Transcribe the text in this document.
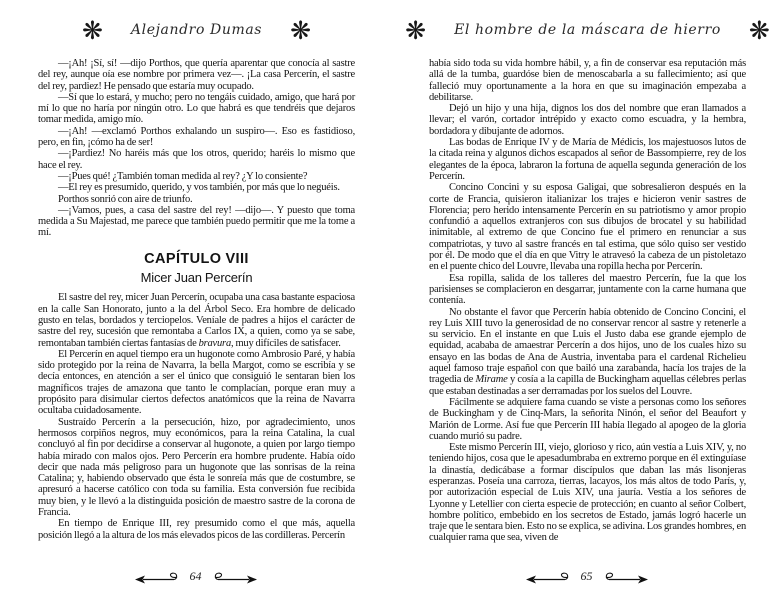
❋ Alejandro Dumas ❋

—¡Ah! ¡Sí, sí! —dijo Porthos, que quería aparentar que conocía al sastre del rey, aunque oía ese nombre por primera vez—. ¡La casa Percerín, el sastre del rey, pardiez! He pensado que estaría muy ocupado.

—Sí que lo estará, y mucho; pero no tengáis cuidado, amigo, que hará por mí lo que no haría por ningún otro. Lo que habrá es que tendréis que dejaros tomar medida, amigo mío.

—¡Ah! —exclamó Porthos exhalando un suspiro—. Eso es fastidioso, pero, en fin, ¡cómo ha de ser!

—¡Pardiez! No haréis más que los otros, querido; haréis lo mismo que hace el rey.

—¡Pues qué! ¿También toman medida al rey? ¿Y lo consiente?

—El rey es presumido, querido, y vos también, por más que lo neguéis.

Porthos sonrió con aire de triunfo.

—¡Vamos, pues, a casa del sastre del rey! —dijo—. Y puesto que toma medida a Su Majestad, me parece que también puedo permitir que me la tome a mí.

CAPÍTULO VIII
Micer Juan Percerín

El sastre del rey, micer Juan Percerín, ocupaba una casa bastante espaciosa en la calle San Honorato, junto a la del Árbol Seco. Era hombre de delicado gusto en telas, bordados y terciopelos. Veníale de padres a hijos el carácter de sastre del rey, sucesión que remontaba a Carlos IX, a quien, como ya se sabe, remontaban también ciertas fantasías de bravura, muy difíciles de satisfacer.

El Percerín en aquel tiempo era un hugonote como Ambrosio Paré, y había sido protegido por la reina de Navarra, la bella Margot, como se escribía y se decía entonces, en atención a ser el único que consiguió le sentaran bien los magníficos trajes de amazona que tanto le complacían, porque eran muy a propósito para disimular ciertos defectos anatómicos que la reina de Navarra ocultaba cuidadosamente.

Sustraído Percerín a la persecución, hizo, por agradecimiento, unos hermosos corpiños negros, muy económicos, para la reina Catalina, la cual concluyó al fin por decidirse a conservar al hugonote, a quien por largo tiempo había mirado con malos ojos. Pero Percerín era hombre prudente. Había oído decir que nada más peligroso para un hugonote que las sonrisas de la reina Catalina; y, habiendo observado que ésta le sonreía más que de costumbre, se apresuró a hacerse católico con toda su familia. Esta conversión fue recibida muy bien, y le llevó a la distinguida posición de maestro sastre de la corona de Francia.

En tiempo de Enrique III, rey presumido como el que más, aquella posición llegó a la altura de los más elevados picos de las cordilleras. Percerín

64
❋ El hombre de la máscara de hierro ❋

había sido toda su vida hombre hábil, y, a fin de conservar esa reputación más allá de la tumba, guardóse bien de menoscabarla a su fallecimiento; así que falleció muy oportunamente a la hora en que su imaginación empezaba a debilitarse.

Dejó un hijo y una hija, dignos los dos del nombre que eran llamados a llevar; el varón, cortador intrépido y exacto como escuadra, y la hembra, bordadora y dibujante de adornos.

Las bodas de Enrique IV y de María de Médicis, los majestuosos lutos de la citada reina y algunos dichos escapados al señor de Bassompierre, rey de los elegantes de la época, labraron la fortuna de aquella segunda generación de los Percerín.

Concino Concini y su esposa Galigai, que sobresalieron después en la corte de Francia, quisieron italianizar los trajes e hicieron venir sastres de Florencia; pero herido intensamente Percerín en su patriotismo y amor propio confundió a aquellos extranjeros con sus dibujos de brocatel y su habilidad inimitable, al extremo de que Concino fue el primero en renunciar a sus compatriotas, y tuvo al sastre francés en tal estima, que sólo quiso ser vestido por él. De modo que el día en que Vitry le atravesó la cabeza de un pistoletazo en el puente chico del Louvre, llevaba una ropilla hecha por Percerín.

Esa ropilla, salida de los talleres del maestro Percerín, fue la que los parisienses se complacieron en desgarrar, juntamente con la carne humana que contenía.

No obstante el favor que Percerín había obtenido de Concino Concini, el rey Luis XIII tuvo la generosidad de no conservar rencor al sastre y retenerle a su servicio. En el instante en que Luis el Justo daba ese grande ejemplo de equidad, acababa de amaestrar Percerín a dos hijos, uno de los cuales hizo su ensayo en las bodas de Ana de Austria, inventaba para el cardenal Richelieu aquel famoso traje español con que bailó una zarabanda, hacía los trajes de la tragedia de Mirame y cosía a la capilla de Buckingham aquellas célebres perlas que estaban destinadas a ser derramadas por los suelos del Louvre.

Fácilmente se adquiere fama cuando se viste a personas como los señores de Buckingham y de Cinq-Mars, la señorita Ninón, el señor del Beaufort y Marión de Lorme. Así fue que Percerín III había llegado al apogeo de la gloria cuando murió su padre.

Este mismo Percerín III, viejo, glorioso y rico, aún vestía a Luis XIV, y, no teniendo hijos, cosa que le apesadumbraba en extremo porque en él extinguíase la dinastía, dedicábase a formar discípulos que daban las más lisonjeras esperanzas. Poseía una carroza, tierras, lacayos, los más altos de todo París, y, por autorización especial de Luis XIV, una jauría. Vestía a los señores de Lyonne y Letellier con cierta especie de protección; en cuanto al señor Colbert, hombre político, embebido en los secretos de Estado, jamás logró hacerle un traje que le sentara bien. Esto no se explica, se adivina. Los grandes hombres, en cualquier rama que sea, viven de

65
